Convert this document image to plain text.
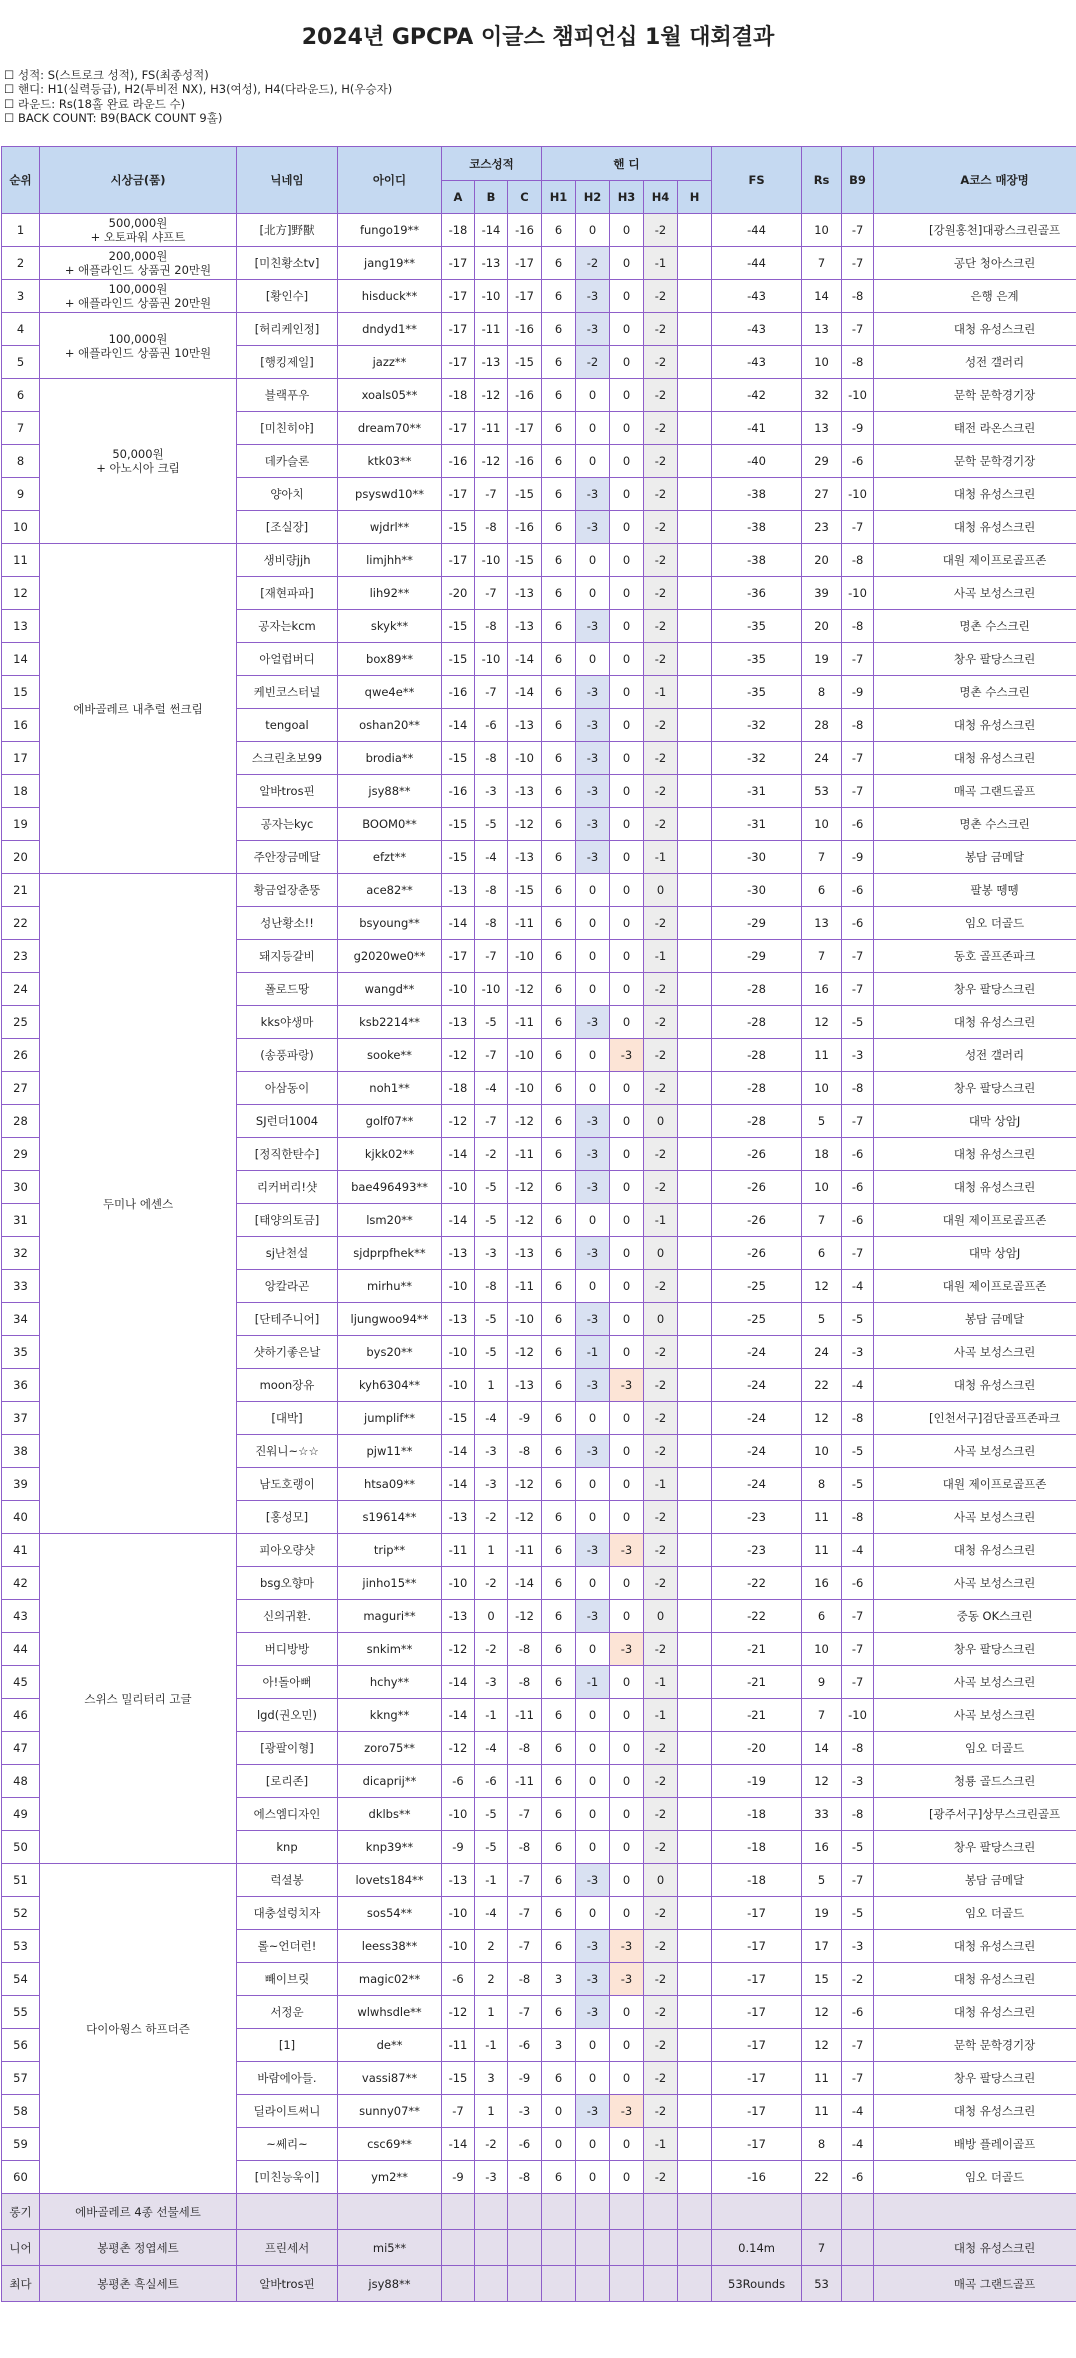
2024년 GPCPA 이글스 챔피언십 1월 대회결과
☐ 성적: S(스트로크 성적), FS(최종성적)
☐ 핸디: H1(실력등급), H2(투비전 NX), H3(여성), H4(다라운드), H(우승자)
☐ 라운드: Rs(18홀 완료 라운드 수)
☐ BACK COUNT: B9(BACK COUNT 9홀)
순위	시상금(품)	닉네임	아이디	코스성적			핸 디					FS	Rs	B9	A코스 매장명
				A	B	C	H1	H2	H3	H4	H				
1	500,000원
+ 오토파워 샤프트	[北方]野獸	fungo19**	-18	-14	-16	6	0	0	-2		-44	10	-7	[강원홍천]대광스크린골프
2	200,000원
+ 애플라인드 상품권 20만원	[미친황소tv]	jang19**	-17	-13	-17	6	-2	0	-1		-44	7	-7	공단 청아스크린
3	100,000원
+ 애플라인드 상품권 20만원	[황인수]	hisduck**	-17	-10	-17	6	-3	0	-2		-43	14	-8	은행 은계
4	100,000원
+ 애플라인드 상품권 10만원	[허리케인정]	dndyd1**	-17	-11	-16	6	-3	0	-2		-43	13	-7	대청 유성스크린
5		[행킹제일]	jazz**	-17	-13	-15	6	-2	0	-2		-43	10	-8	성전 갤러리
6	50,000원
+ 아노시아 크림	블랙푸우	xoals05**	-18	-12	-16	6	0	0	-2		-42	32	-10	문학 문학경기장
7		[미친히야]	dream70**	-17	-11	-17	6	0	0	-2		-41	13	-9	태전 라온스크린
8		데카슬론	ktk03**	-16	-12	-16	6	0	0	-2		-40	29	-6	문학 문학경기장
9		양아치	psyswd10**	-17	-7	-15	6	-3	0	-2		-38	27	-10	대청 유성스크린
10		[조실장]	wjdrl**	-15	-8	-16	6	-3	0	-2		-38	23	-7	대청 유성스크린
11	에바골레르 내추럴 썬크림	생비량jjh	limjhh**	-17	-10	-15	6	0	0	-2		-38	20	-8	대원 제이프로골프존
12		[재현파파]	lih92**	-20	-7	-13	6	0	0	-2		-36	39	-10	사곡 보성스크린
13		공자는kcm	skyk**	-15	-8	-13	6	-3	0	-2		-35	20	-8	명촌 수스크린
14		아얼럽버디	box89**	-15	-10	-14	6	0	0	-2		-35	19	-7	창우 팔당스크린
15		케빈코스터널	qwe4e**	-16	-7	-14	6	-3	0	-1		-35	8	-9	명촌 수스크린
16		tengoal	oshan20**	-14	-6	-13	6	-3	0	-2		-32	28	-8	대청 유성스크린
17		스크린초보99	brodia**	-15	-8	-10	6	-3	0	-2		-32	24	-7	대청 유성스크린
18		알바tros핀	jsy88**	-16	-3	-13	6	-3	0	-2		-31	53	-7	매곡 그랜드골프
19		공자는kyc	BOOM0**	-15	-5	-12	6	-3	0	-2		-31	10	-6	명촌 수스크린
20		주안장금메달	efzt**	-15	-4	-13	6	-3	0	-1		-30	7	-9	봉담 금메달
21	두미나 에센스	황금얼장춘뚱	ace82**	-13	-8	-15	6	0	0	0		-30	6	-6	팔봉 뗑뗑
22		성난황소!!	bsyoung**	-14	-8	-11	6	0	0	-2		-29	13	-6	임오 더골드
23		돼지등갈비	g2020we0**	-17	-7	-10	6	0	0	-1		-29	7	-7	동호 골프존파크
24		폴로드땅	wangd**	-10	-10	-12	6	0	0	-2		-28	16	-7	창우 팔당스크린
25		kks야생마	ksb2214**	-13	-5	-11	6	-3	0	-2		-28	12	-5	대청 유성스크린
26		(송풍파랑)	sooke**	-12	-7	-10	6	0	-3	-2		-28	11	-3	성전 갤러리
27		아삼동이	noh1**	-18	-4	-10	6	0	0	-2		-28	10	-8	창우 팔당스크린
28		SJ런더1004	golf07**	-12	-7	-12	6	-3	0	0		-28	5	-7	대막 상암J
29		[정직한탄수]	kjkk02**	-14	-2	-11	6	-3	0	-2		-26	18	-6	대청 유성스크린
30		리커버리!샷	bae496493**	-10	-5	-12	6	-3	0	-2		-26	10	-6	대청 유성스크린
31		[태양의토금]	lsm20**	-14	-5	-12	6	0	0	-1		-26	7	-6	대원 제이프로골프존
32		sj난천설	sjdprpfhek**	-13	-3	-13	6	-3	0	0		-26	6	-7	대막 상암J
33		앙칼라곤	mirhu**	-10	-8	-11	6	0	0	-2		-25	12	-4	대원 제이프로골프존
34		[단테주니어]	ljungwoo94**	-13	-5	-10	6	-3	0	0		-25	5	-5	봉담 금메달
35		샷하기좋은날	bys20**	-10	-5	-12	6	-1	0	-2		-24	24	-3	사곡 보성스크린
36		moon장유	kyh6304**	-10	1	-13	6	-3	-3	-2		-24	22	-4	대청 유성스크린
37		[대박]	jumplif**	-15	-4	-9	6	0	0	-2		-24	12	-8	[인천서구]검단골프존파크
38		진워니~☆☆	pjw11**	-14	-3	-8	6	-3	0	-2		-24	10	-5	사곡 보성스크린
39		남도호랭이	htsa09**	-14	-3	-12	6	0	0	-1		-24	8	-5	대원 제이프로골프존
40		[홍성모]	s19614**	-13	-2	-12	6	0	0	-2		-23	11	-8	사곡 보성스크린
41	스위스 밀리터리 고글	피아오량샷	trip**	-11	1	-11	6	-3	-3	-2		-23	11	-4	대청 유성스크린
42		bsg오향마	jinho15**	-10	-2	-14	6	0	0	-2		-22	16	-6	사곡 보성스크린
43		신의귀환.	maguri**	-13	0	-12	6	-3	0	0		-22	6	-7	중동 OK스크린
44		버디방방	snkim**	-12	-2	-8	6	0	-3	-2		-21	10	-7	창우 팔당스크린
45		아!돌아뻐	hchy**	-14	-3	-8	6	-1	0	-1		-21	9	-7	사곡 보성스크린
46		lgd(권오민)	kkng**	-14	-1	-11	6	0	0	-1		-21	7	-10	사곡 보성스크린
47		[광팔이형]	zoro75**	-12	-4	-8	6	0	0	-2		-20	14	-8	임오 더골드
48		[로리존]	dicaprij**	-6	-6	-11	6	0	0	-2		-19	12	-3	청룡 골드스크린
49		에스엠디자인	dklbs**	-10	-5	-7	6	0	0	-2		-18	33	-8	[광주서구]상무스크린골프
50		knp	knp39**	-9	-5	-8	6	0	0	-2		-18	16	-5	창우 팔당스크린
51	다이아윙스 하프더즌	럭셜봉	lovets184**	-13	-1	-7	6	-3	0	0		-18	5	-7	봉담 금메달
52		대충설렁치자	sos54**	-10	-4	-7	6	0	0	-2		-17	19	-5	임오 더골드
53		롤~언더런!	leess38**	-10	2	-7	6	-3	-3	-2		-17	17	-3	대청 유성스크린
54		빼이브릿	magic02**	-6	2	-8	3	-3	-3	-2		-17	15	-2	대청 유성스크린
55		서정운	wlwhsdle**	-12	1	-7	6	-3	0	-2		-17	12	-6	대청 유성스크린
56		[1]	de**	-11	-1	-6	3	0	0	-2		-17	12	-7	문학 문학경기장
57		바람에아들.	vassi87**	-15	3	-9	6	0	0	-2		-17	11	-7	창우 팔당스크린
58		딜라이트써니	sunny07**	-7	1	-3	0	-3	-3	-2		-17	11	-4	대청 유성스크린
59		~쎄리~	csc69**	-14	-2	-6	0	0	0	-1		-17	8	-4	배방 플레이골프
60		[미친능욱이]	ym2**	-9	-3	-8	6	0	0	-2		-16	22	-6	임오 더골드
롱기	에바골레르 4종 선물세트														
니어	봉평촌 정엽세트	프린세서	mi5**									0.14m	7		대청 유성스크린
최다	봉평촌 흑실세트	알바tros핀	jsy88**									53Rounds	53		매곡 그랜드골프
